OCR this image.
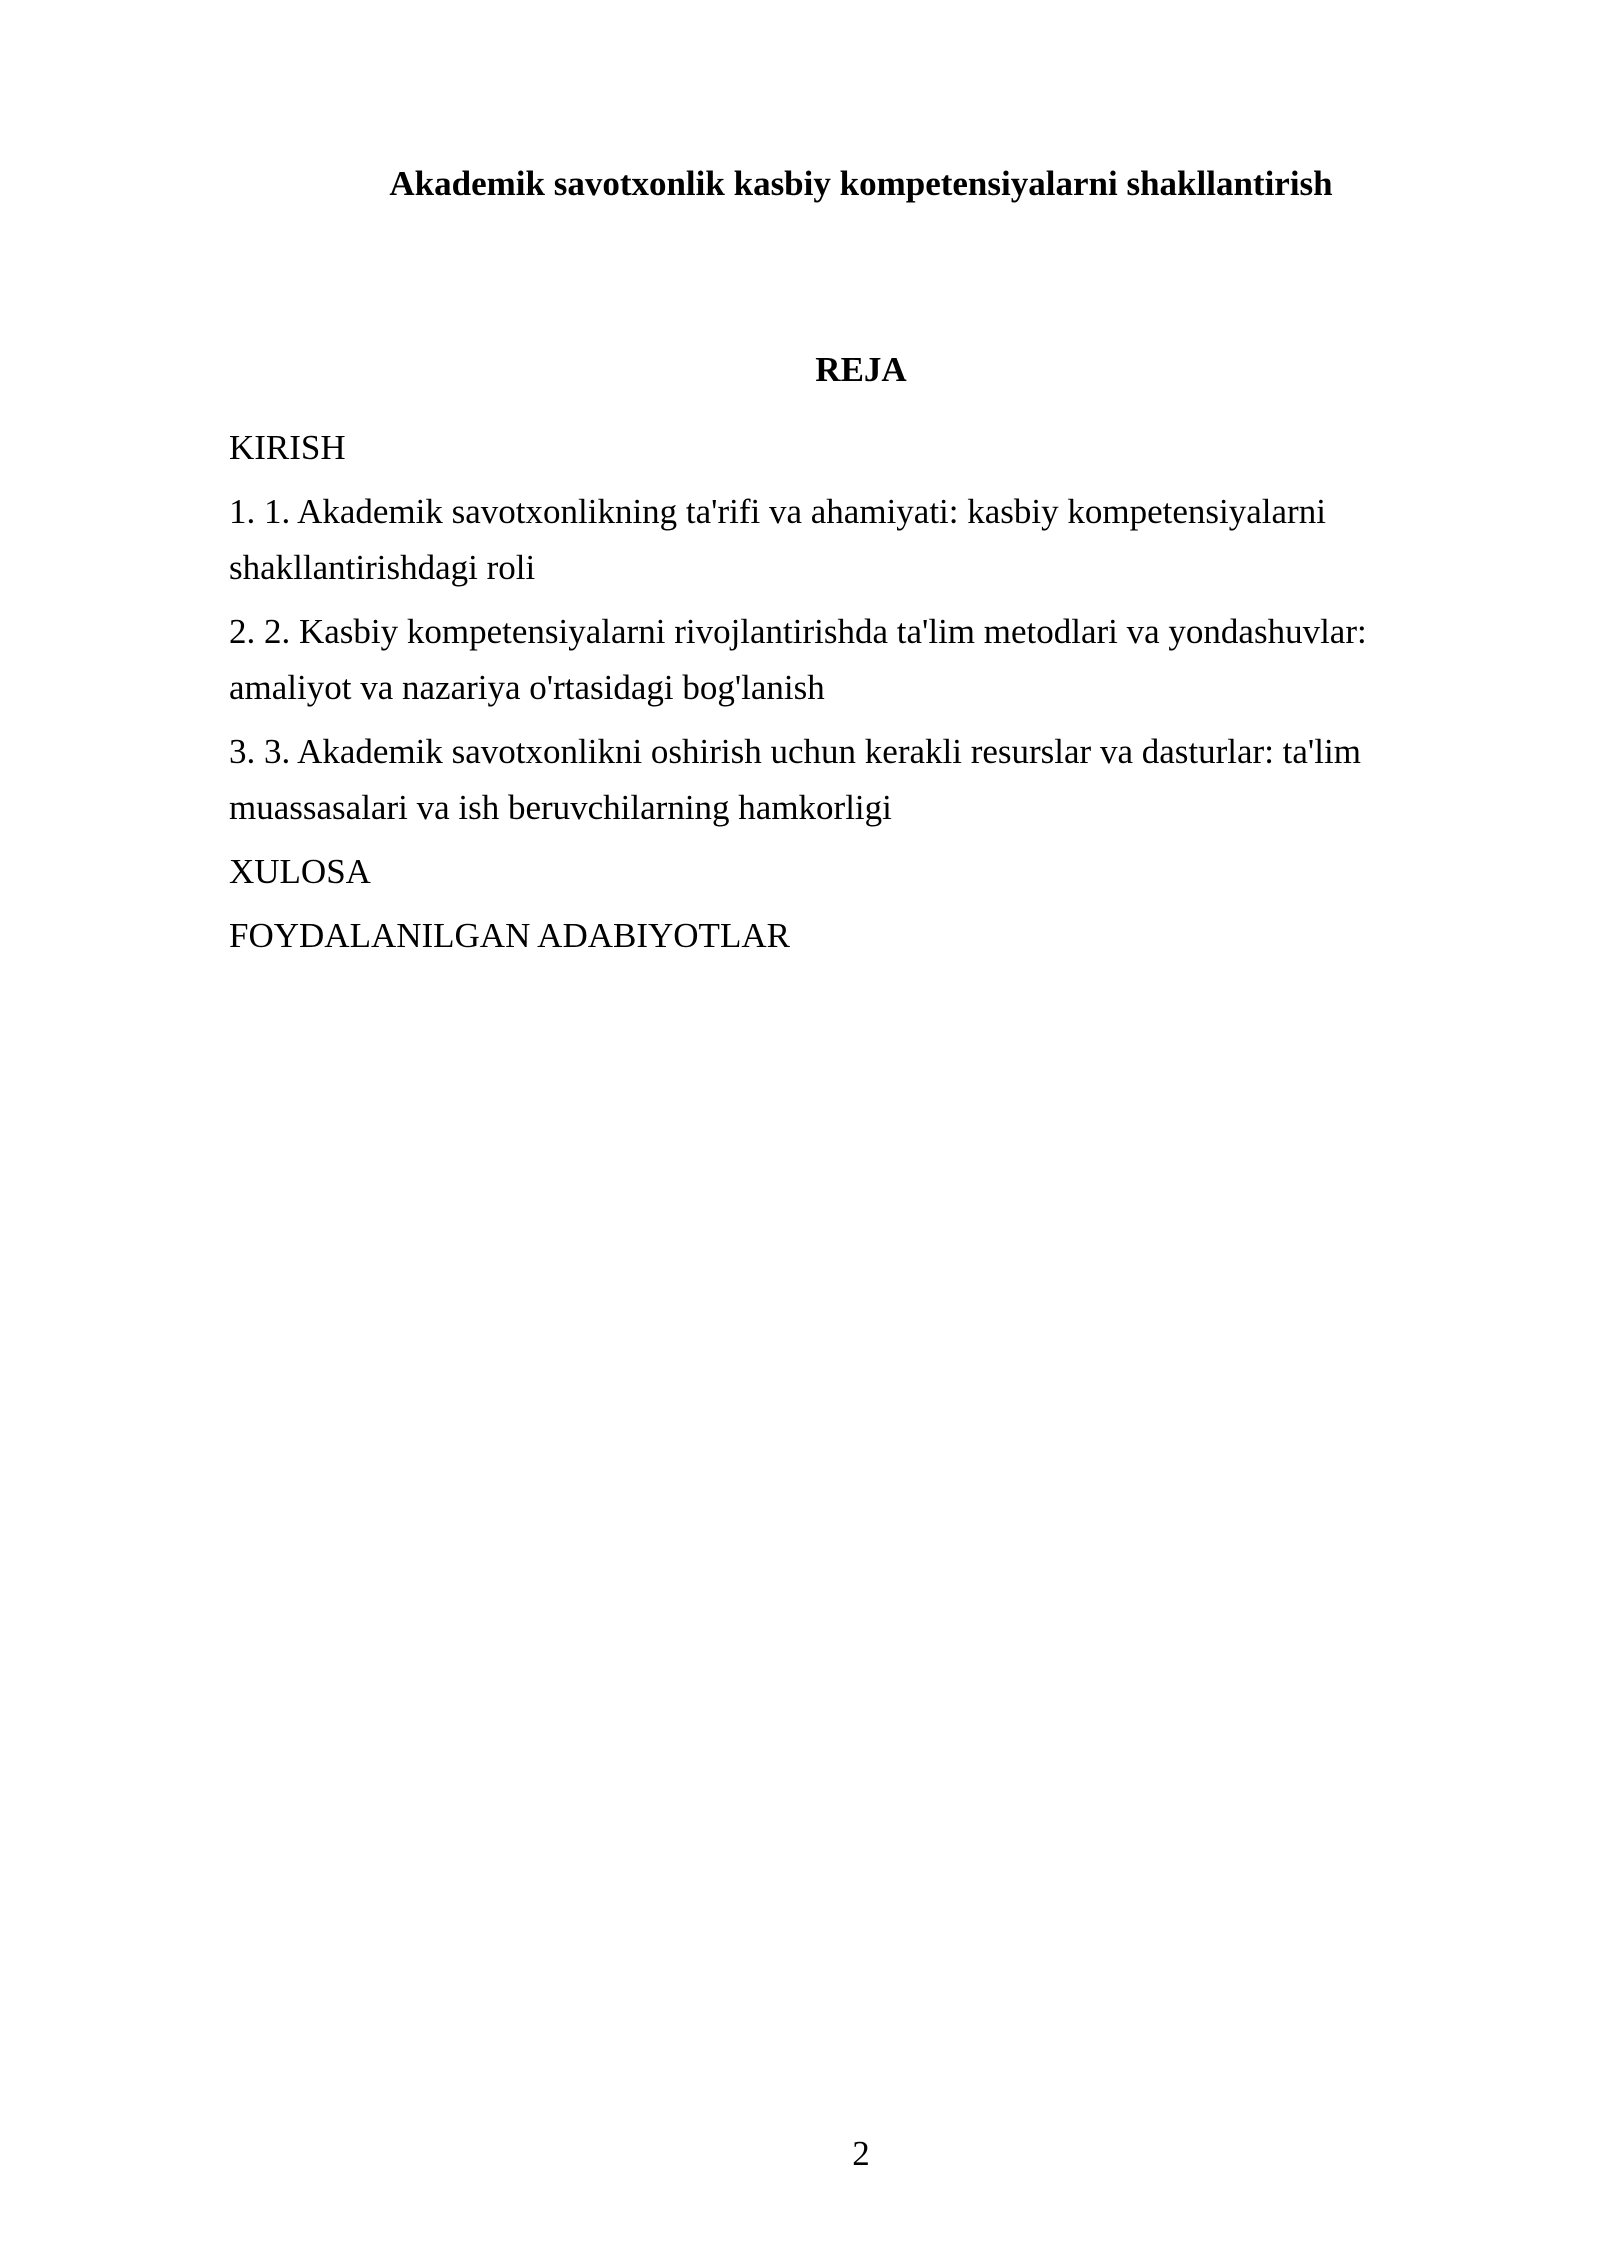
Akademik savotxonlik kasbiy kompetensiyalarni shakllantirish
REJA
KIRISH
1. 1. Akademik savotxonlikning ta'rifi va ahamiyati: kasbiy kompetensiyalarni shakllantirishdagi roli
2. 2. Kasbiy kompetensiyalarni rivojlantirishda ta'lim metodlari va yondashuvlar: amaliyot va nazariya o'rtasidagi bog'lanish
3. 3. Akademik savotxonlikni oshirish uchun kerakli resurslar va dasturlar: ta'lim muassasalari va ish beruvchilarning hamkorligi
XULOSA
FOYDALANILGAN ADABIYOTLAR
2
